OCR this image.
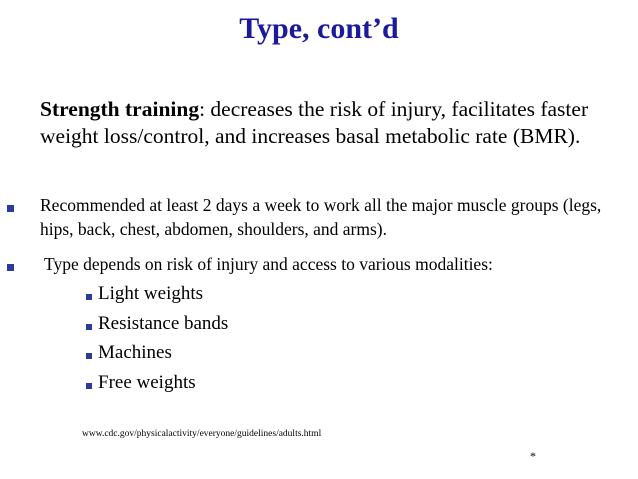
Type, cont’d
Strength training: decreases the risk of injury, facilitates faster weight loss/control, and increases basal metabolic rate (BMR).
Recommended at least 2 days a week to work all the major muscle groups (legs, hips, back, chest, abdomen, shoulders, and arms).
Type depends on risk of injury and access to various modalities:
Light weights
Resistance bands
Machines
Free weights
www.cdc.gov/physicalactivity/everyone/guidelines/adults.html
*
